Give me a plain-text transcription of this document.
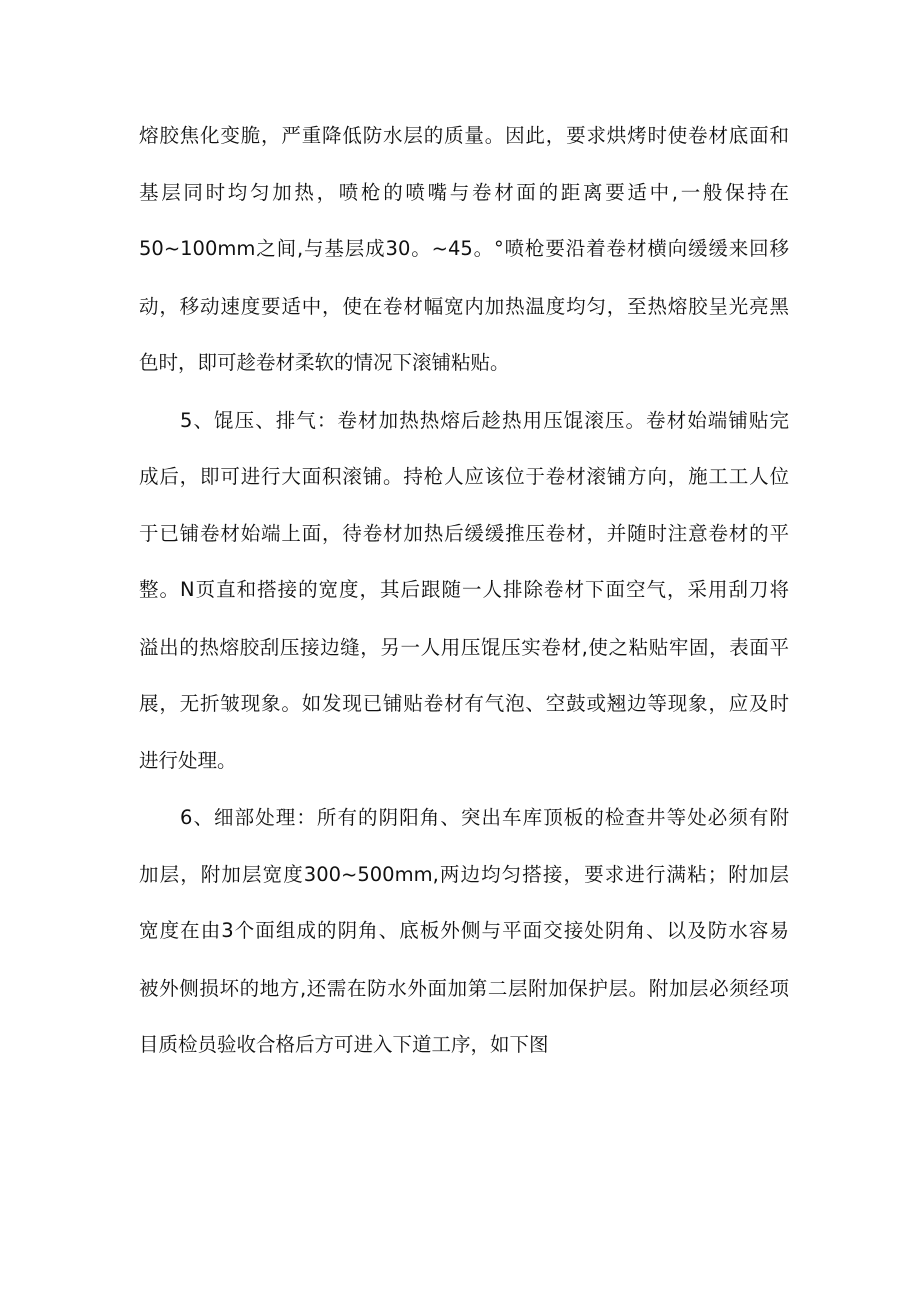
熔胶焦化变脆，严重降低防水层的质量。因此，要求烘烤时使卷材底面和
基层同时均匀加热，喷枪的喷嘴与卷材面的距离要适中,一般保持在
50~100mm之间,与基层成30。~45。°喷枪要沿着卷材横向缓缓来回移
动，移动速度要适中，使在卷材幅宽内加热温度均匀，至热熔胶呈光亮黑
色时，即可趁卷材柔软的情况下滚铺粘贴。
5、馄压、排气：卷材加热热熔后趁热用压馄滚压。卷材始端铺贴完
成后，即可进行大面积滚铺。持枪人应该位于卷材滚铺方向，施工工人位
于已铺卷材始端上面，待卷材加热后缓缓推压卷材，并随时注意卷材的平
整。N页直和搭接的宽度，其后跟随一人排除卷材下面空气，采用刮刀将
溢出的热熔胶刮压接边缝，另一人用压馄压实卷材,使之粘贴牢固，表面平
展，无折皱现象。如发现已铺贴卷材有气泡、空鼓或翘边等现象，应及时
进行处理。
6、细部处理：所有的阴阳角、突出车库顶板的检查井等处必须有附
加层，附加层宽度300~500mm,两边均匀搭接，要求进行满粘；附加层
宽度在由3个面组成的阴角、底板外侧与平面交接处阴角、以及防水容易
被外侧损坏的地方,还需在防水外面加第二层附加保护层。附加层必须经项
目质检员验收合格后方可进入下道工序，如下图
